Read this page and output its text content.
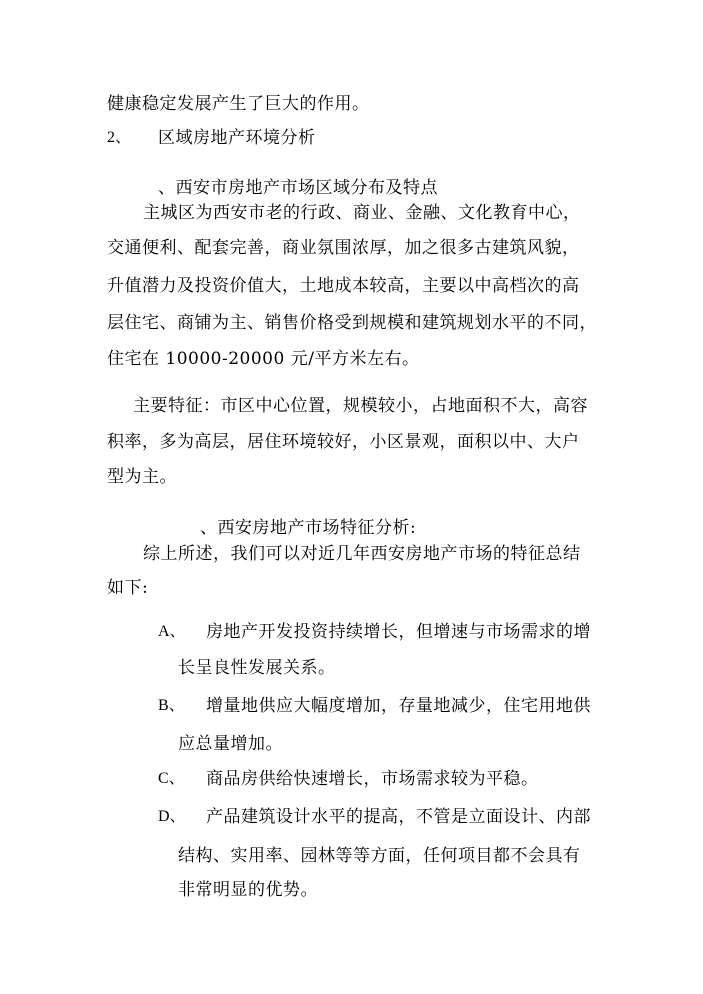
健康稳定发展产生了巨大的作用。
2、 区域房地产环境分析
、西安市房地产市场区域分布及特点
主城区为西安市老的行政、商业、金融、文化教育中心，
交通便利、配套完善，商业氛围浓厚，加之很多古建筑风貌，
升值潜力及投资价值大，土地成本较高，主要以中高档次的高
层住宅、商铺为主、销售价格受到规模和建筑规划水平的不同，
住宅在 10000-20000 元/平方米左右。
主要特征：市区中心位置，规模较小，占地面积不大，高容
积率，多为高层，居住环境较好，小区景观，面积以中、大户
型为主。
、西安房地产市场特征分析:
综上所述，我们可以对近几年西安房地产市场的特征总结
如下:
A、 房地产开发投资持续增长，但增速与市场需求的增
长呈良性发展关系。
B、 增量地供应大幅度增加，存量地减少，住宅用地供
应总量增加。
C、 商品房供给快速增长，市场需求较为平稳。
D、 产品建筑设计水平的提高，不管是立面设计、内部
结构、实用率、园林等等方面，任何项目都不会具有
非常明显的优势。
